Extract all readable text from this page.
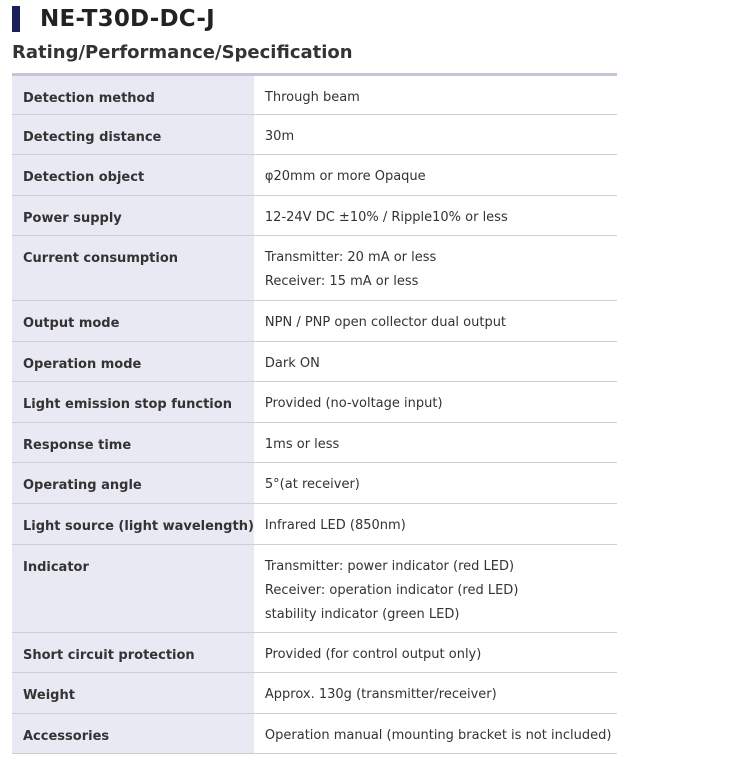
NE-T30D-DC-J
Rating/Performance/Specification
Detection method	Through beam

Detecting distance	30m

Detection object	φ20mm or more Opaque

Power supply	12-24V DC ±10% / Ripple10% or less

Current consumption	Transmitter: 20 mA or less
Receiver: 15 mA or less

Output mode	NPN / PNP open collector dual output

Operation mode	Dark ON

Light emission stop function	Provided (no-voltage input)

Response time	1ms or less

Operating angle	5°(at receiver)

Light source (light wavelength)	Infrared LED (850nm)

Indicator	Transmitter: power indicator (red LED)
Receiver: operation indicator (red LED)
stability indicator (green LED)

Short circuit protection	Provided (for control output only)

Weight	Approx. 130g (transmitter/receiver)

Accessories	Operation manual (mounting bracket is not included)
